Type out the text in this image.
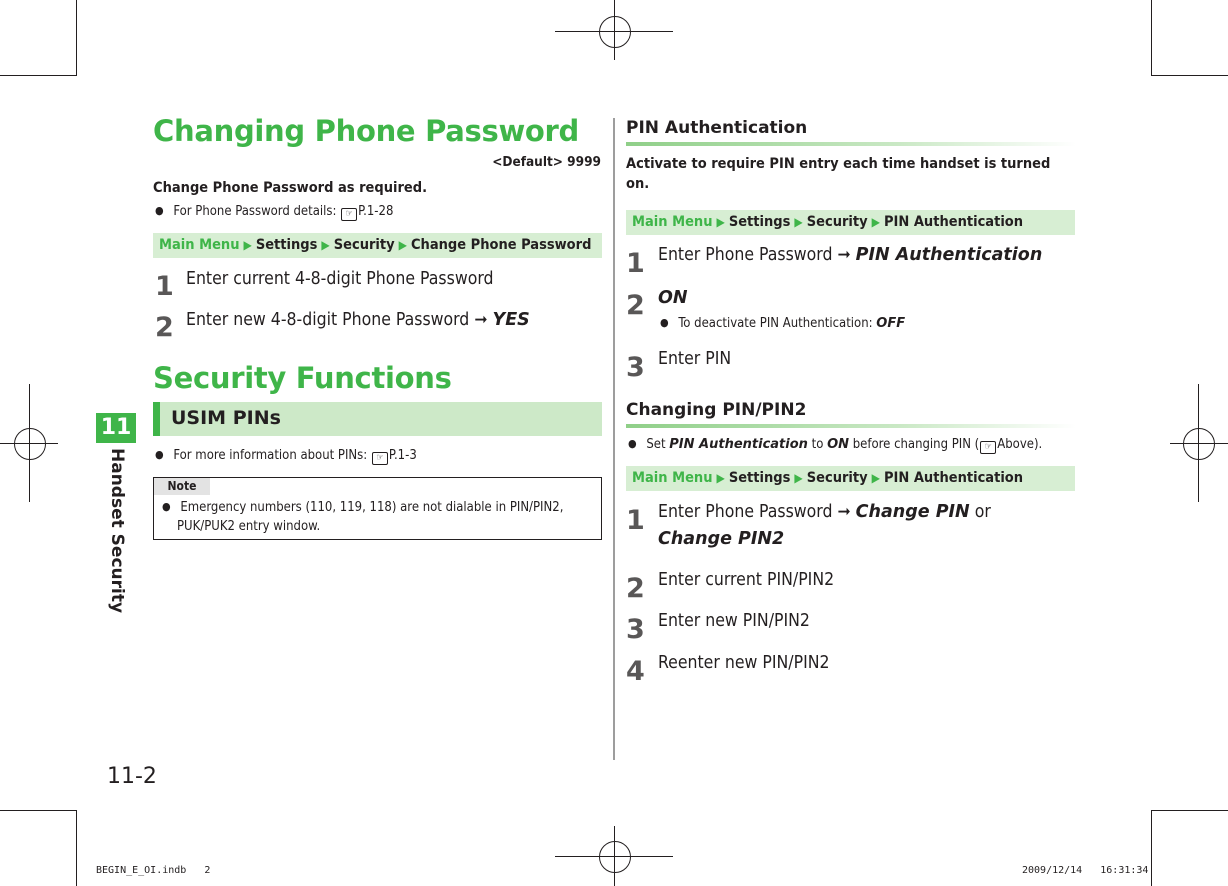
11
Handset Security
Changing Phone Password
<Default> 9999
Change Phone Password as required.
● For Phone Password details: ☞ P.1-28
Main Menu ▶ Settings ▶ Security ▶ Change Phone Password
1 Enter current 4-8-digit Phone Password
2 Enter new 4-8-digit Phone Password ➞ YES
Security Functions
USIM PINs
● For more information about PINs: ☞ P.1-3
Note
● Emergency numbers (110, 119, 118) are not dialable in PIN/PIN2,
PUK/PUK2 entry window.
PIN Authentication
Activate to require PIN entry each time handset is turned
on.
Main Menu ▶ Settings ▶ Security ▶ PIN Authentication
1 Enter Phone Password ➞ PIN Authentication
2 ON
● To deactivate PIN Authentication: OFF
3 Enter PIN
Changing PIN/PIN2
● Set PIN Authentication to ON before changing PIN ( ☞ Above).
Main Menu ▶ Settings ▶ Security ▶ PIN Authentication
1 Enter Phone Password ➞ Change PIN or
Change PIN2
2 Enter current PIN/PIN2
3 Enter new PIN/PIN2
4 Reenter new PIN/PIN2
11-2
BEGIN_E_OI.indb   2	2009/12/14   16:31:34
